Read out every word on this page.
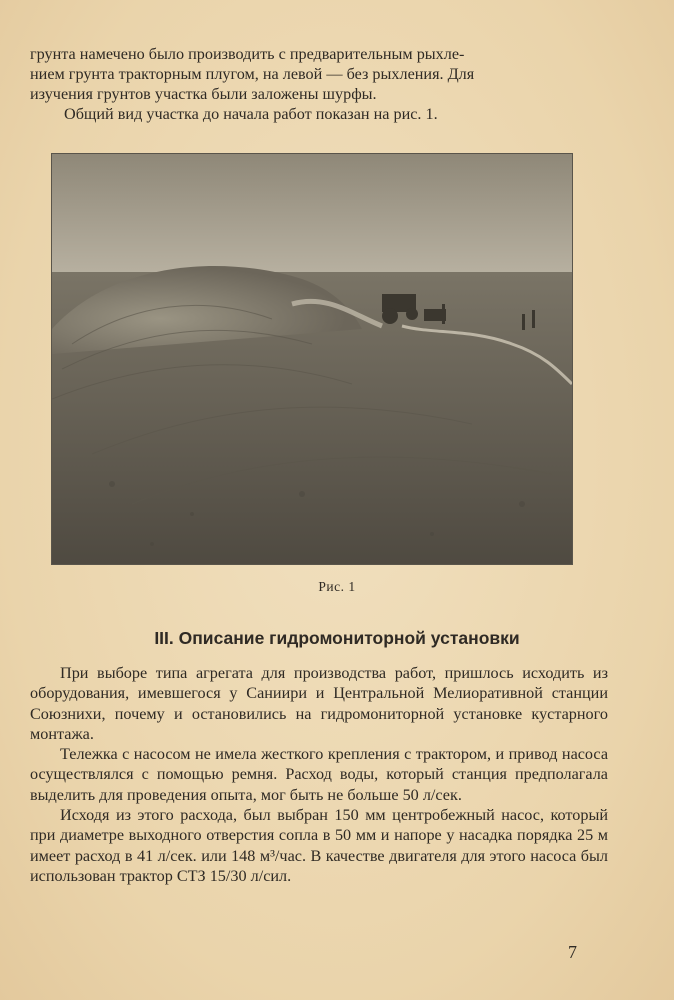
грунта намечено было производить с предварительным рыхле-

нием грунта тракторным плугом, на левой — без рыхления. Для

изучения грунтов участка были заложены шурфы.

Общий вид участка до начала работ показан на рис. 1.

Рис. 1
III. Описание гидромониторной установки

При выборе типа агрегата для производства работ, пришлось исходить из оборудования, имевшегося у Саниири и Центральной Мелиоративной станции Союзнихи, почему и остановились на гидромониторной установке кустарного монтажа.

Тележка с насосом не имела жесткого крепления с трактором, и привод насоса осуществлялся с помощью ремня. Расход воды, который станция предполагала выделить для проведения опыта, мог быть не больше 50 л/сек.

Исходя из этого расхода, был выбран 150 мм центробежный насос, который при диаметре выходного отверстия сопла в 50 мм и напоре у насадка порядка 25 м имеет расход в 41 л/сек. или 148 м³/час. В качестве двигателя для этого насоса был использован трактор СТЗ 15/30 л/сил.

7
